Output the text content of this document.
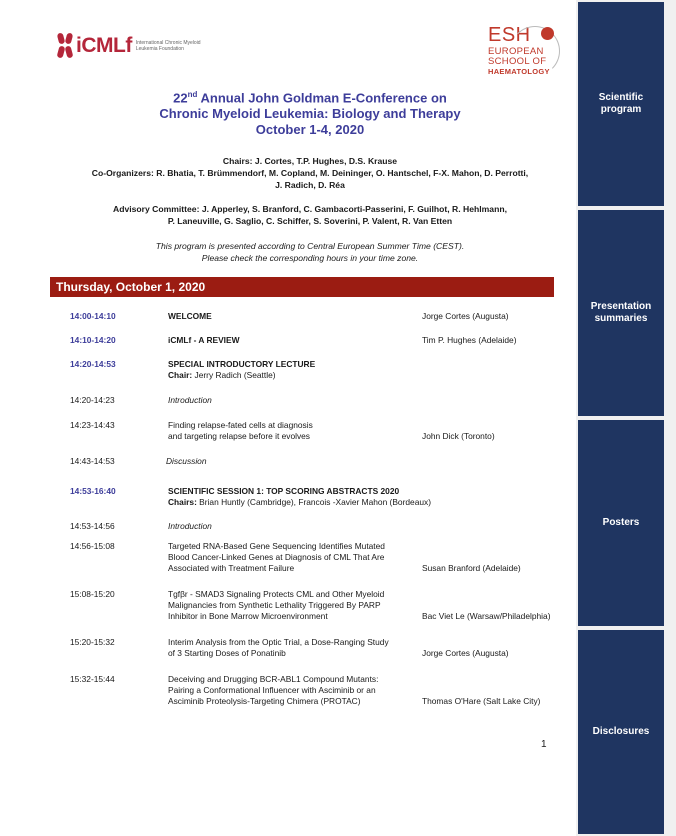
iCMLf International Chronic Myeloid Leukemia Foundation
ESH
EUROPEAN
SCHOOL OF
HAEMATOLOGY
22nd Annual John Goldman E-Conference on
Chronic Myeloid Leukemia: Biology and Therapy
October 1-4, 2020
Chairs: J. Cortes, T.P. Hughes, D.S. Krause
Co-Organizers: R. Bhatia, T. Brümmendorf, M. Copland, M. Deininger, O. Hantschel, F-X. Mahon, D. Perrotti,
J. Radich, D. Réa
Advisory Committee: J. Apperley, S. Branford, C. Gambacorti-Passerini, F. Guilhot, R. Hehlmann,
P. Laneuville, G. Saglio, C. Schiffer, S. Soverini, P. Valent, R. Van Etten
This program is presented according to Central European Summer Time (CEST).
Please check the corresponding hours in your time zone.
Thursday, October 1, 2020
14:00-14:10	WELCOME	Jorge Cortes (Augusta)
14:10-14:20	iCMLf - A REVIEW	Tim P. Hughes (Adelaide)
14:20-14:53	SPECIAL INTRODUCTORY LECTURE
Chair: Jerry Radich (Seattle)
14:20-14:23	Introduction
14:23-14:43	Finding relapse-fated cells at diagnosis
and targeting relapse before it evolves	John Dick (Toronto)
14:43-14:53	Discussion
14:53-16:40	SCIENTIFIC SESSION 1: TOP SCORING ABSTRACTS 2020
Chairs: Brian Huntly (Cambridge), Francois -Xavier Mahon (Bordeaux)
14:53-14:56	Introduction
14:56-15:08	Targeted RNA-Based Gene Sequencing Identifies Mutated
Blood Cancer-Linked Genes at Diagnosis of CML That Are
Associated with Treatment Failure	Susan Branford (Adelaide)
15:08-15:20	Tgfβr - SMAD3 Signaling Protects CML and Other Myeloid
Malignancies from Synthetic Lethality Triggered By PARP
Inhibitor in Bone Marrow Microenvironment	Bac Viet Le (Warsaw/Philadelphia)
15:20-15:32	Interim Analysis from the Optic Trial, a Dose-Ranging Study
of 3 Starting Doses of Ponatinib	Jorge Cortes (Augusta)
15:32-15:44	Deceiving and Drugging BCR-ABL1 Compound Mutants:
Pairing a Conformational Influencer with Asciminib or an
Asciminib Proteolysis-Targeting Chimera (PROTAC)	Thomas O'Hare (Salt Lake City)
1
Scientific
program
Presentation
summaries
Posters
Disclosures
